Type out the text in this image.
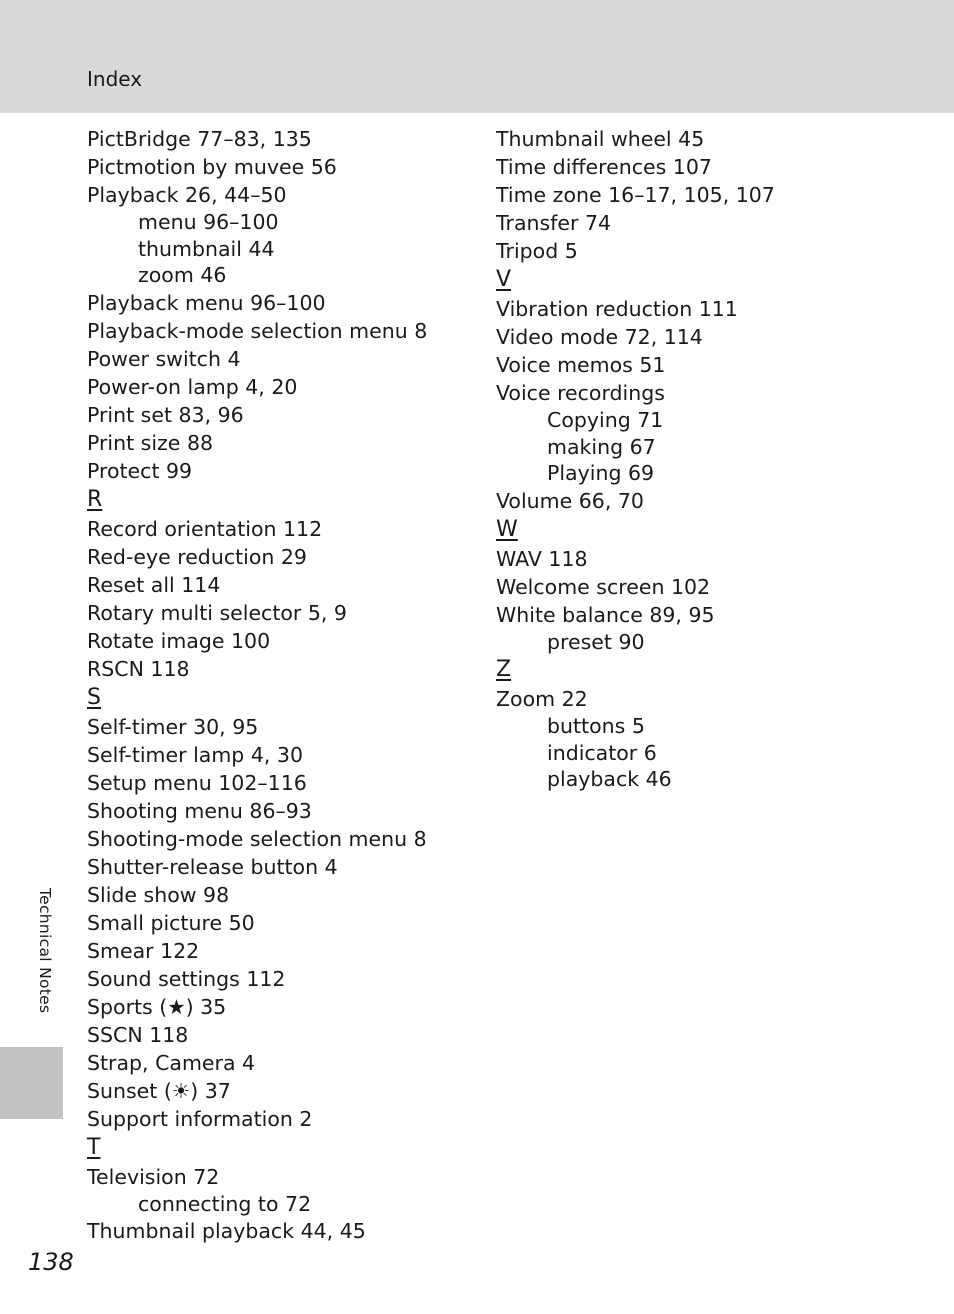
Index
PictBridge 77–83, 135
Pictmotion by muvee 56
Playback 26, 44–50
menu 96–100
thumbnail 44
zoom 46
Playback menu 96–100
Playback-mode selection menu 8
Power switch 4
Power-on lamp 4, 20
Print set 83, 96
Print size 88
Protect 99
R
Record orientation 112
Red-eye reduction 29
Reset all 114
Rotary multi selector 5, 9
Rotate image 100
RSCN 118
S
Self-timer 30, 95
Self-timer lamp 4, 30
Setup menu 102–116
Shooting menu 86–93
Shooting-mode selection menu 8
Shutter-release button 4
Slide show 98
Small picture 50
Smear 122
Sound settings 112
Sports (★) 35
SSCN 118
Strap, Camera 4
Sunset (☀) 37
Support information 2
T
Television 72
connecting to 72
Thumbnail playback 44, 45
Thumbnail wheel 45
Time differences 107
Time zone 16–17, 105, 107
Transfer 74
Tripod 5
V
Vibration reduction 111
Video mode 72, 114
Voice memos 51
Voice recordings
Copying 71
making 67
Playing 69
Volume 66, 70
W
WAV 118
Welcome screen 102
White balance 89, 95
preset 90
Z
Zoom 22
buttons 5
indicator 6
playback 46
Technical Notes
138
